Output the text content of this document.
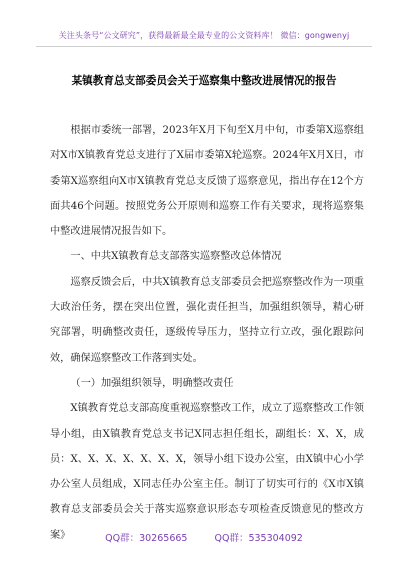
关注头条号“公文研究”，获得最新最全最专业的公文资料库！ 微信：gongwenyj
某镇教育总支部委员会关于巡察集中整改进展情况的报告

根据市委统一部署，2023年X月下旬至X月中旬，市委第X巡察组对X市X镇教育党总支进行了X届市委第X轮巡察。2024年X月X日，市委第X巡察组向X市X镇教育党总支反馈了巡察意见，指出存在12个方面共46个问题。按照党务公开原则和巡察工作有关要求，现将巡察集中整改进展情况报告如下。

一、中共X镇教育总支部落实巡察整改总体情况

巡察反馈会后，中共X镇教育总支部委员会把巡察整改作为一项重大政治任务，摆在突出位置，强化责任担当，加强组织领导，精心研究部署，明确整改责任，逐级传导压力，坚持立行立改，强化跟踪问效，确保巡察整改工作落到实处。

（一）加强组织领导，明确整改责任

X镇教育党总支部高度重视巡察整改工作，成立了巡察整改工作领导小组，由X镇教育党总支书记X同志担任组长，副组长：X、X，成员：X、X、X、X、X、X、X，领导小组下设办公室，由X镇中心小学办公室人员组成，X同志任办公室主任。制订了切实可行的《X市X镇教育总支部委员会关于落实巡察意识形态专项检查反馈意见的整改方案》	QQ群：30265665	QQ群：535304092
